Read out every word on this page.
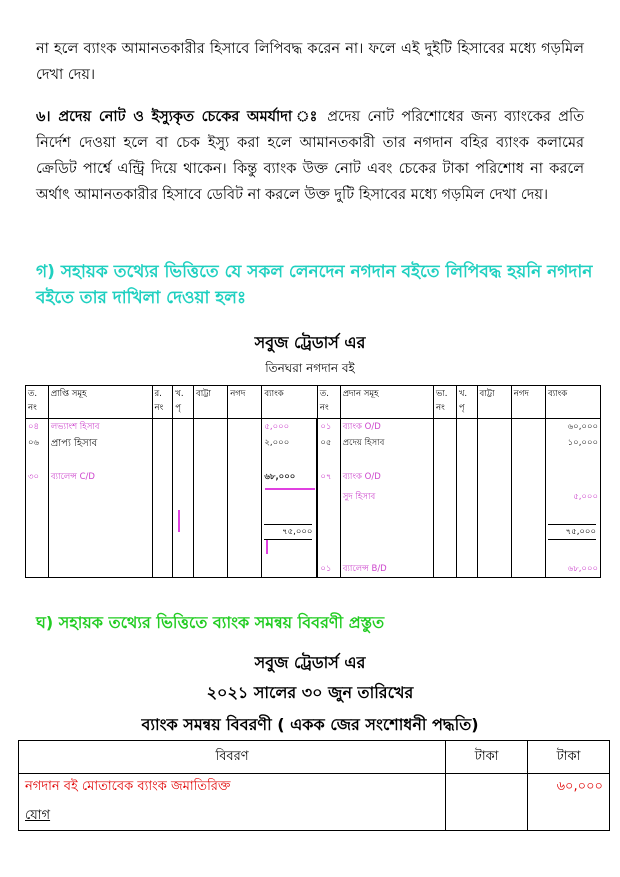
না হলে ব্যাংক আমানতকারীর হিসাবে লিপিবদ্ধ করেন না। ফলে এই দুইটি হিসাবের মধ্যে গড়মিল দেখা দেয়।
৬। প্রদেয় নোট ও ইস্যুকৃত চেকের অমর্যাদা ঃ প্রদেয় নোট পরিশোধের জন্য ব্যাংকের প্রতি নির্দেশ দেওয়া হলে বা চেক ইস্যু করা হলে আমানতকারী তার নগদান বহির ব্যাংক কলামের ক্রেডিট পার্শ্বে এন্ট্রি দিয়ে থাকেন। কিন্তু ব্যাংক উক্ত নোট এবং চেকের টাকা পরিশোধ না করলে অর্থাৎ আমানতকারীর হিসাবে ডেবিট না করলে উক্ত দুটি হিসাবের মধ্যে গড়মিল দেখা দেয়।
গ) সহায়ক তথ্যের ভিত্তিতে যে সকল লেনদেন নগদান বইতে লিপিবদ্ধ হয়নি নগদান বইতে তার দাখিলা দেওয়া হলঃ
সবুজ ট্রেডার্স এর
তিনঘরা নগদান বই
ত. নং	প্রাপ্তি সমূহ	র. নং	খ. পৃ	বাট্টা	নগদ	ব্যাংক	ত. নং	প্রদান সমূহ	ভা. নং	খ. পৃ	বাট্টা	নগদ	ব্যাংক
০৪	লভ্যাংশ হিসাব					৫,০০০	০১	ব্যাংক O/D					৬০,০০০
০৬	প্রাপ্য হিসাব					২,০০০	০৫	প্রদেয় হিসাব					১০,০০০
৩০	ব্যালেন্স C/D					৬৮,০০০	০৭	ব্যাংক O/D					
								সুদ হিসাব					৫,০০০
						৭৫,০০০							৭৫,০০০
							০১	ব্যালেন্স B/D					৬৮,০০০
ঘ) সহায়ক তথ্যের ভিত্তিতে ব্যাংক সমন্বয় বিবরণী প্রস্তুত
সবুজ ট্রেডার্স এর
২০২১ সালের ৩০ জুন তারিখের
ব্যাংক সমন্বয় বিবরণী ( একক জের সংশোধনী পদ্ধতি)
বিবরণ	টাকা	টাকা

নগদান বই মোতাবেক ব্যাংক জমাতিরিক্ত
যোগ		৬০,০০০
